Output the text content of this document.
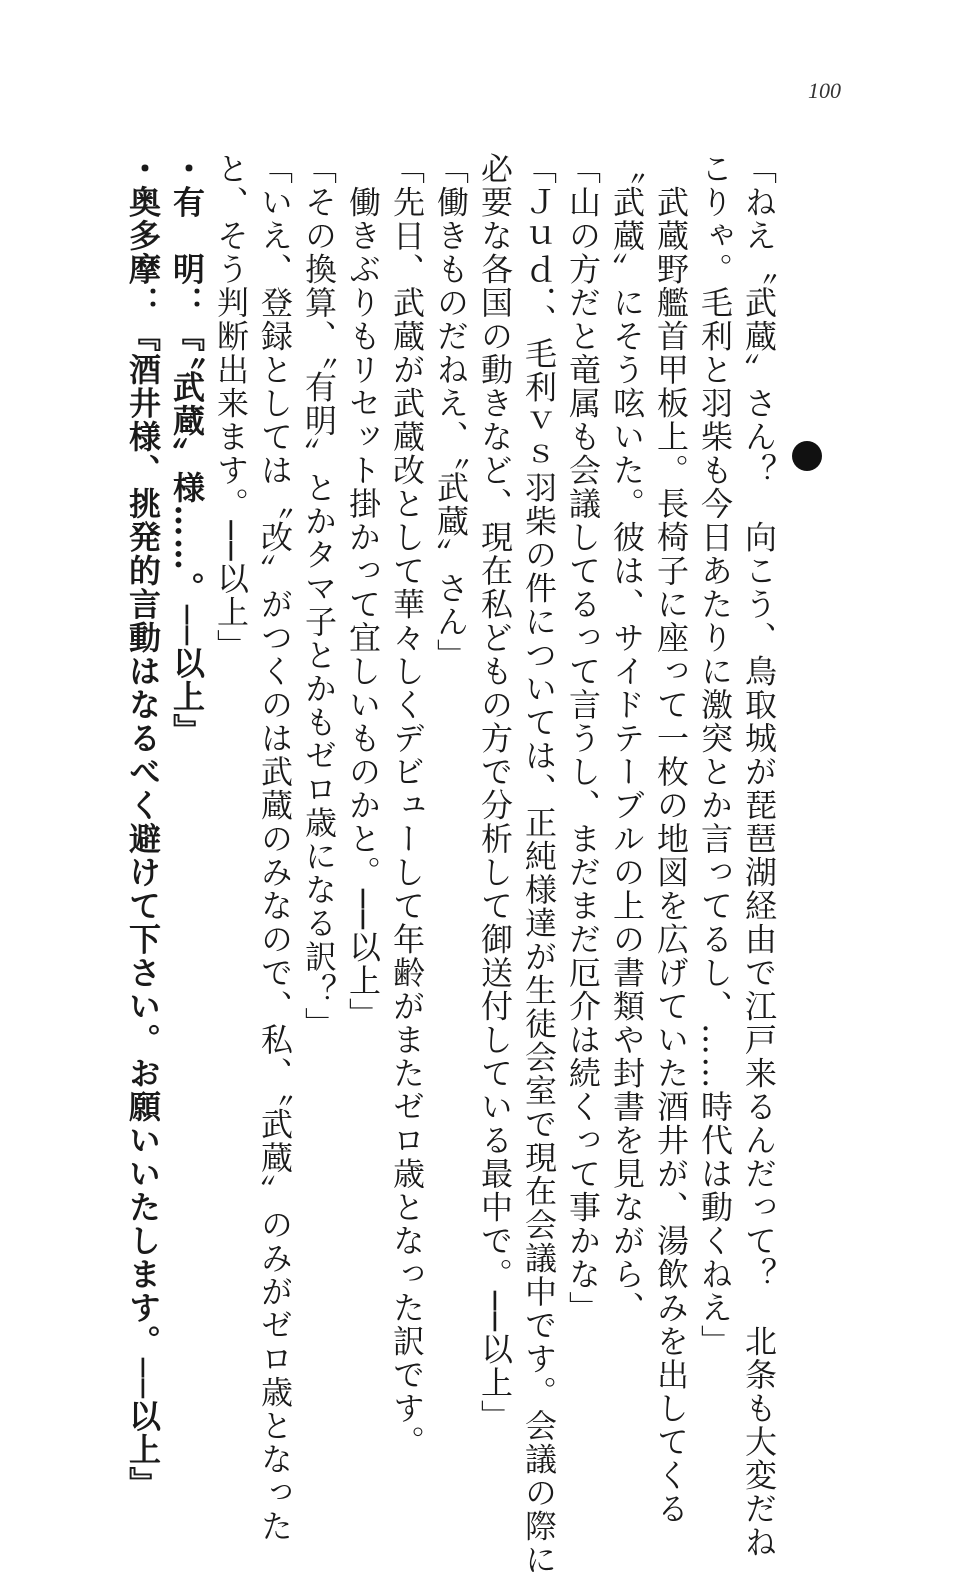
100
「ねえ〝武蔵〟さん？　向こう、鳥取城が琵琶湖経由で江戸来るんだって？　北条も大変だね
こりゃ。毛利と羽柴も今日あたりに激突とか言ってるし、……時代は動くねえ」
　武蔵野艦首甲板上。長椅子に座って一枚の地図を広げていた酒井が、湯飲みを出してくる
〝武蔵〟にそう呟いた。彼は、サイドテーブルの上の書類や封書を見ながら、
「山の方だと竜属も会議してるって言うし、まだまだ厄介は続くって事かな」
「Ｊｕｄ．、毛利ｖｓ羽柴の件については、正純様達が生徒会室で現在会議中です。会議の際に
必要な各国の動きなど、現在私どもの方で分析して御送付している最中で。──以上」
「働きものだねえ、〝武蔵〟さん」
「先日、武蔵が武蔵改として華々しくデビューして年齢がまたゼロ歳となった訳です。
　働きぶりもリセット掛かって宜しいものかと。──以上」
「その換算、〝有明〟とかタマ子とかもゼロ歳になる訳？」
「いえ、登録としては〝改〟がつくのは武蔵のみなので、私、〝武蔵〟のみがゼロ歳となった
と、そう判断出来ます。──以上」
・有　明：『〝武蔵〟様……。──以上』
・奥多摩：『酒井様、挑発的言動はなるべく避けて下さい。お願いいたします。──以上』
